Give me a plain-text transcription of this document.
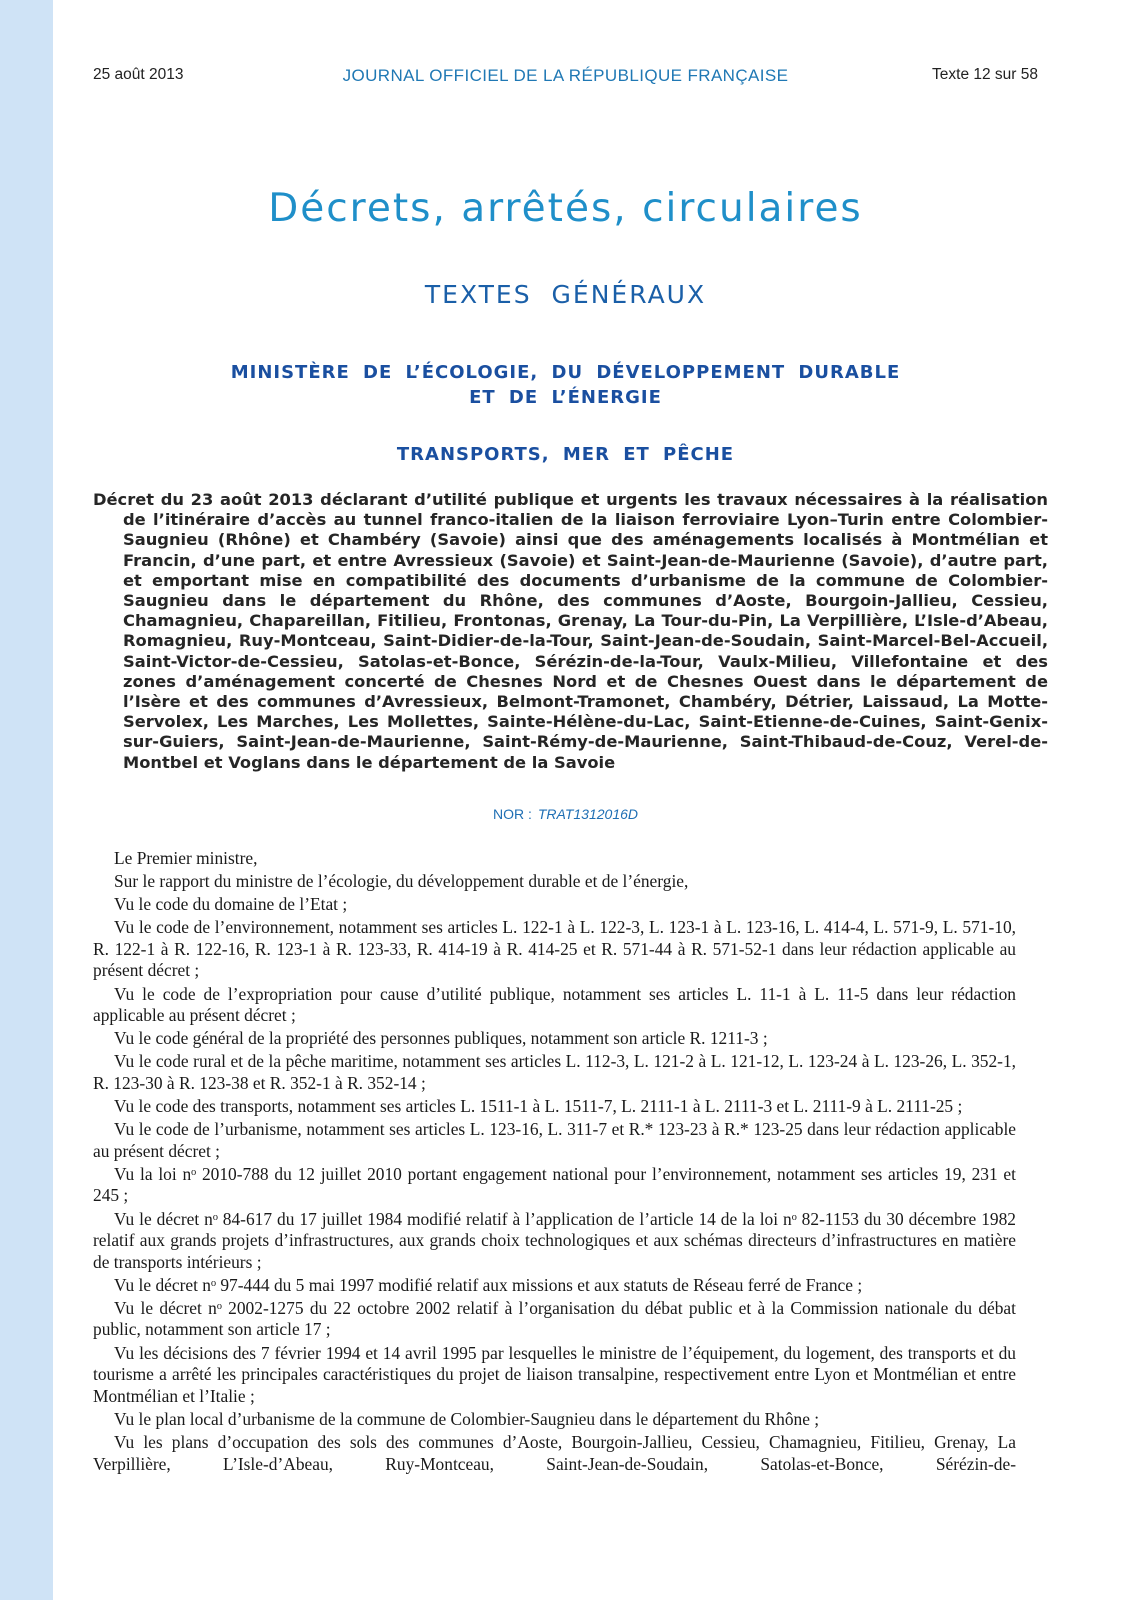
25 août 2013	JOURNAL OFFICIEL DE LA RÉPUBLIQUE FRANÇAISE	Texte 12 sur 58
Décrets, arrêtés, circulaires
TEXTES GÉNÉRAUX
MINISTÈRE DE L’ÉCOLOGIE, DU DÉVELOPPEMENT DURABLE
ET DE L’ÉNERGIE
TRANSPORTS, MER ET PÊCHE
Décret du 23 août 2013 déclarant d’utilité publique et urgents les travaux nécessaires à la réalisation de l’itinéraire d’accès au tunnel franco-italien de la liaison ferroviaire Lyon–Turin entre Colombier-Saugnieu (Rhône) et Chambéry (Savoie) ainsi que des aménagements localisés à Montmélian et Francin, d’une part, et entre Avressieux (Savoie) et Saint-Jean-de-Maurienne (Savoie), d’autre part, et emportant mise en compatibilité des documents d’urbanisme de la commune de Colombier-Saugnieu dans le département du Rhône, des communes d’Aoste, Bourgoin-Jallieu, Cessieu, Chamagnieu, Chapareillan, Fitilieu, Frontonas, Grenay, La Tour-du-Pin, La Verpillière, L’Isle-d’Abeau, Romagnieu, Ruy-Montceau, Saint-Didier-de-la-Tour, Saint-Jean-de-Soudain, Saint-Marcel-Bel-Accueil, Saint-Victor-de-Cessieu, Satolas-et-Bonce, Sérézin-de-la-Tour, Vaulx-Milieu, Villefontaine et des zones d’aménagement concerté de Chesnes Nord et de Chesnes Ouest dans le département de l’Isère et des communes d’Avressieux, Belmont-Tramonet, Chambéry, Détrier, Laissaud, La Motte-Servolex, Les Marches, Les Mollettes, Sainte-Hélène-du-Lac, Saint-Etienne-de-Cuines, Saint-Genix-sur-Guiers, Saint-Jean-de-Maurienne, Saint-Rémy-de-Maurienne, Saint-Thibaud-de-Couz, Verel-de-Montbel et Voglans dans le département de la Savoie
NOR : TRAT1312016D

Le Premier ministre,

Sur le rapport du ministre de l’écologie, du développement durable et de l’énergie,

Vu le code du domaine de l’Etat ;

Vu le code de l’environnement, notamment ses articles L. 122-1 à L. 122-3, L. 123-1 à L. 123-16, L. 414-4, L. 571-9, L. 571-10, R. 122-1 à R. 122-16, R. 123-1 à R. 123-33, R. 414-19 à R. 414-25 et R. 571-44 à R. 571-52-1 dans leur rédaction applicable au présent décret ;

Vu le code de l’expropriation pour cause d’utilité publique, notamment ses articles L. 11-1 à L. 11-5 dans leur rédaction applicable au présent décret ;

Vu le code général de la propriété des personnes publiques, notamment son article R. 1211-3 ;

Vu le code rural et de la pêche maritime, notamment ses articles L. 112-3, L. 121-2 à L. 121-12, L. 123-24 à L. 123-26, L. 352-1, R. 123-30 à R. 123-38 et R. 352-1 à R. 352-14 ;

Vu le code des transports, notamment ses articles L. 1511-1 à L. 1511-7, L. 2111-1 à L. 2111-3 et L. 2111-9 à L. 2111-25 ;

Vu le code de l’urbanisme, notamment ses articles L. 123-16, L. 311-7 et R.* 123-23 à R.* 123-25 dans leur rédaction applicable au présent décret ;

Vu la loi nᵒ 2010-788 du 12 juillet 2010 portant engagement national pour l’environnement, notamment ses articles 19, 231 et 245 ;

Vu le décret nᵒ 84-617 du 17 juillet 1984 modifié relatif à l’application de l’article 14 de la loi nᵒ 82-1153 du 30 décembre 1982 relatif aux grands projets d’infrastructures, aux grands choix technologiques et aux schémas directeurs d’infrastructures en matière de transports intérieurs ;

Vu le décret nᵒ 97-444 du 5 mai 1997 modifié relatif aux missions et aux statuts de Réseau ferré de France ;

Vu le décret nᵒ 2002-1275 du 22 octobre 2002 relatif à l’organisation du débat public et à la Commission nationale du débat public, notamment son article 17 ;

Vu les décisions des 7 février 1994 et 14 avril 1995 par lesquelles le ministre de l’équipement, du logement, des transports et du tourisme a arrêté les principales caractéristiques du projet de liaison transalpine, respectivement entre Lyon et Montmélian et entre Montmélian et l’Italie ;

Vu le plan local d’urbanisme de la commune de Colombier-Saugnieu dans le département du Rhône ;

Vu les plans d’occupation des sols des communes d’Aoste, Bourgoin-Jallieu, Cessieu, Chamagnieu, Fitilieu, Grenay, La Verpillière, L’Isle-d’Abeau, Ruy-Montceau, Saint-Jean-de-Soudain, Satolas-et-Bonce, Sérézin-de-
